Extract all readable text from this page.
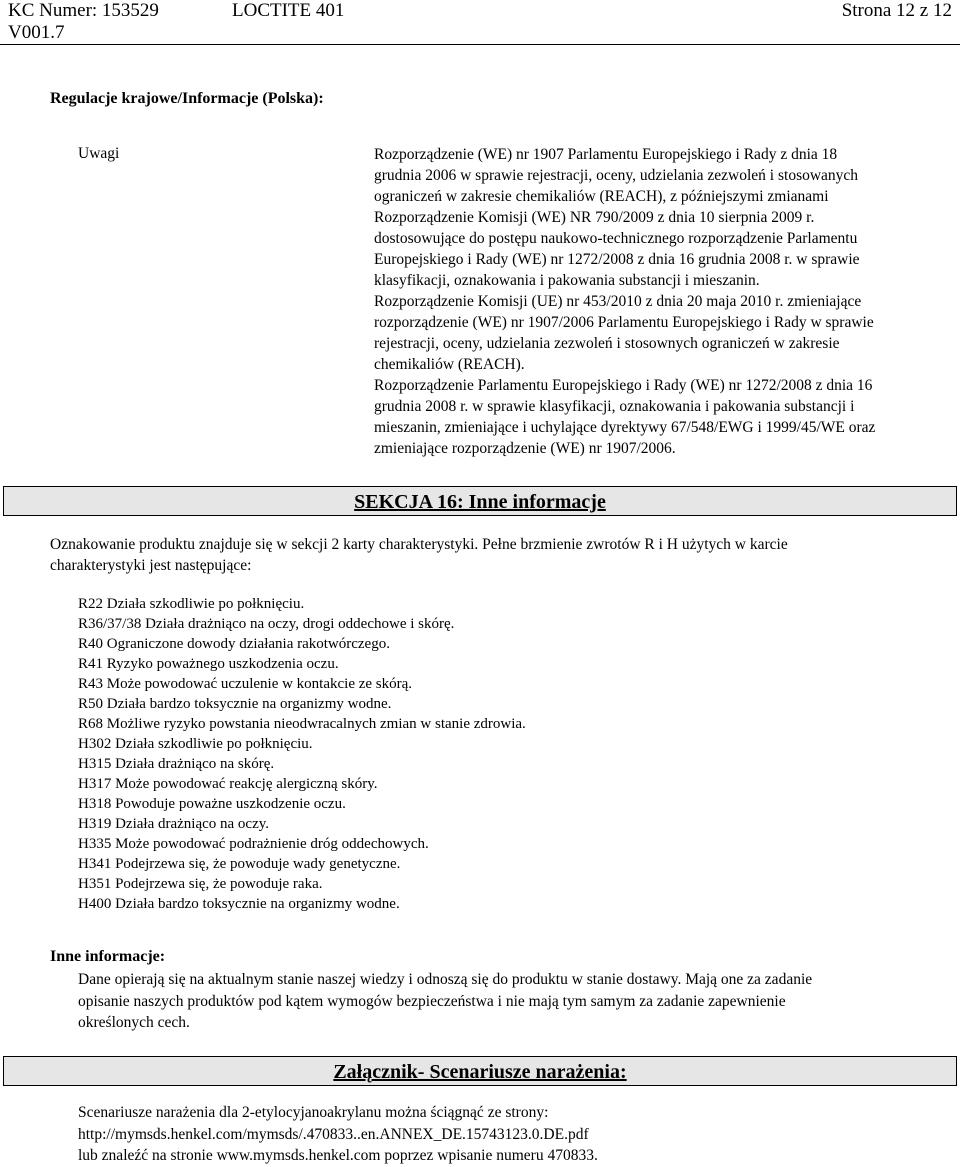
KC Numer: 153529
V001.7
LOCTITE 401	Strona 12 z 12
Regulacje krajowe/Informacje (Polska):
Uwagi	Rozporządzenie (WE) nr 1907 Parlamentu Europejskiego i Rady z dnia 18
grudnia 2006 w sprawie rejestracji, oceny, udzielania zezwoleń i stosowanych
ograniczeń w zakresie chemikaliów (REACH), z późniejszymi zmianami
Rozporządzenie Komisji (WE) NR 790/2009 z dnia 10 sierpnia 2009 r.
dostosowujące do postępu naukowo-technicznego rozporządzenie Parlamentu
Europejskiego i Rady (WE) nr 1272/2008 z dnia 16 grudnia 2008 r. w sprawie
klasyfikacji, oznakowania i pakowania substancji i mieszanin.
Rozporządzenie Komisji (UE) nr 453/2010 z dnia 20 maja 2010 r. zmieniające
rozporządzenie (WE) nr 1907/2006 Parlamentu Europejskiego i Rady w sprawie
rejestracji, oceny, udzielania zezwoleń i stosownych ograniczeń w zakresie
chemikaliów (REACH).
Rozporządzenie Parlamentu Europejskiego i Rady (WE) nr 1272/2008 z dnia 16
grudnia 2008 r. w sprawie klasyfikacji, oznakowania i pakowania substancji i
mieszanin, zmieniające i uchylające dyrektywy 67/548/EWG i 1999/45/WE oraz
zmieniające rozporządzenie (WE) nr 1907/2006.
SEKCJA 16: Inne informacje
Oznakowanie produktu znajduje się w sekcji 2 karty charakterystyki. Pełne brzmienie zwrotów R i H użytych w karcie
charakterystyki jest następujące:
R22 Działa szkodliwie po połknięciu.
R36/37/38 Działa drażniąco na oczy, drogi oddechowe i skórę.
R40 Ograniczone dowody działania rakotwórczego.
R41 Ryzyko poważnego uszkodzenia oczu.
R43 Może powodować uczulenie w kontakcie ze skórą.
R50 Działa bardzo toksycznie na organizmy wodne.
R68 Możliwe ryzyko powstania nieodwracalnych zmian w stanie zdrowia.
H302 Działa szkodliwie po połknięciu.
H315 Działa drażniąco na skórę.
H317 Może powodować reakcję alergiczną skóry.
H318 Powoduje poważne uszkodzenie oczu.
H319 Działa drażniąco na oczy.
H335 Może powodować podrażnienie dróg oddechowych.
H341 Podejrzewa się, że powoduje wady genetyczne.
H351 Podejrzewa się, że powoduje raka.
H400 Działa bardzo toksycznie na organizmy wodne.
Inne informacje:
Dane opierają się na aktualnym stanie naszej wiedzy i odnoszą się do produktu w stanie dostawy. Mają one za zadanie
opisanie naszych produktów pod kątem wymogów bezpieczeństwa i nie mają tym samym za zadanie zapewnienie
określonych cech.
Załącznik- Scenariusze narażenia:
Scenariusze narażenia dla 2-etylocyjanoakrylanu można ściągnąć ze strony:
http://mymsds.henkel.com/mymsds/.470833..en.ANNEX_DE.15743123.0.DE.pdf
lub znaleźć na stronie www.mymsds.henkel.com poprzez wpisanie numeru 470833.
